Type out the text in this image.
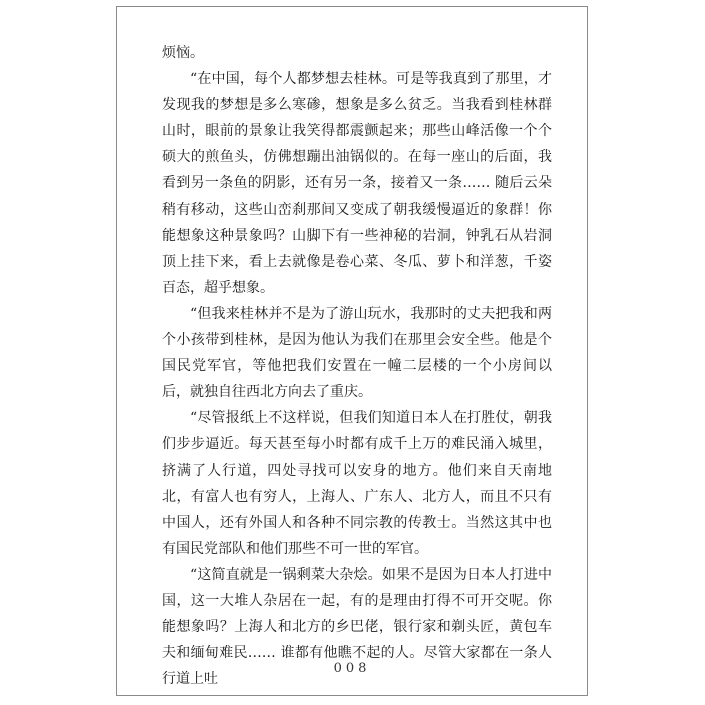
烦恼。

“在中国，每个人都梦想去桂林。可是等我真到了那里，才发现我的梦想是多么寒碜，想象是多么贫乏。当我看到桂林群山时，眼前的景象让我笑得都震颤起来；那些山峰活像一个个硕大的煎鱼头，仿佛想蹦出油锅似的。在每一座山的后面，我看到另一条鱼的阴影，还有另一条，接着又一条…… 随后云朵稍有移动，这些山峦刹那间又变成了朝我缓慢逼近的象群！你能想象这种景象吗？山脚下有一些神秘的岩洞，钟乳石从岩洞顶上挂下来，看上去就像是卷心菜、冬瓜、萝卜和洋葱，千姿百态，超乎想象。

“但我来桂林并不是为了游山玩水，我那时的丈夫把我和两个小孩带到桂林，是因为他认为我们在那里会安全些。他是个国民党军官，等他把我们安置在一幢二层楼的一个小房间以后，就独自往西北方向去了重庆。

“尽管报纸上不这样说，但我们知道日本人在打胜仗，朝我们步步逼近。每天甚至每小时都有成千上万的难民涌入城里，挤满了人行道，四处寻找可以安身的地方。他们来自天南地北，有富人也有穷人，上海人、广东人、北方人，而且不只有中国人，还有外国人和各种不同宗教的传教士。当然这其中也有国民党部队和他们那些不可一世的军官。

“这简直就是一锅剩菜大杂烩。如果不是因为日本人打进中国，这一大堆人杂居在一起，有的是理由打得不可开交呢。你能想象吗？上海人和北方的乡巴佬，银行家和剃头匠，黄包车夫和缅甸难民…… 谁都有他瞧不起的人。尽管大家都在一条人行道上吐

008
